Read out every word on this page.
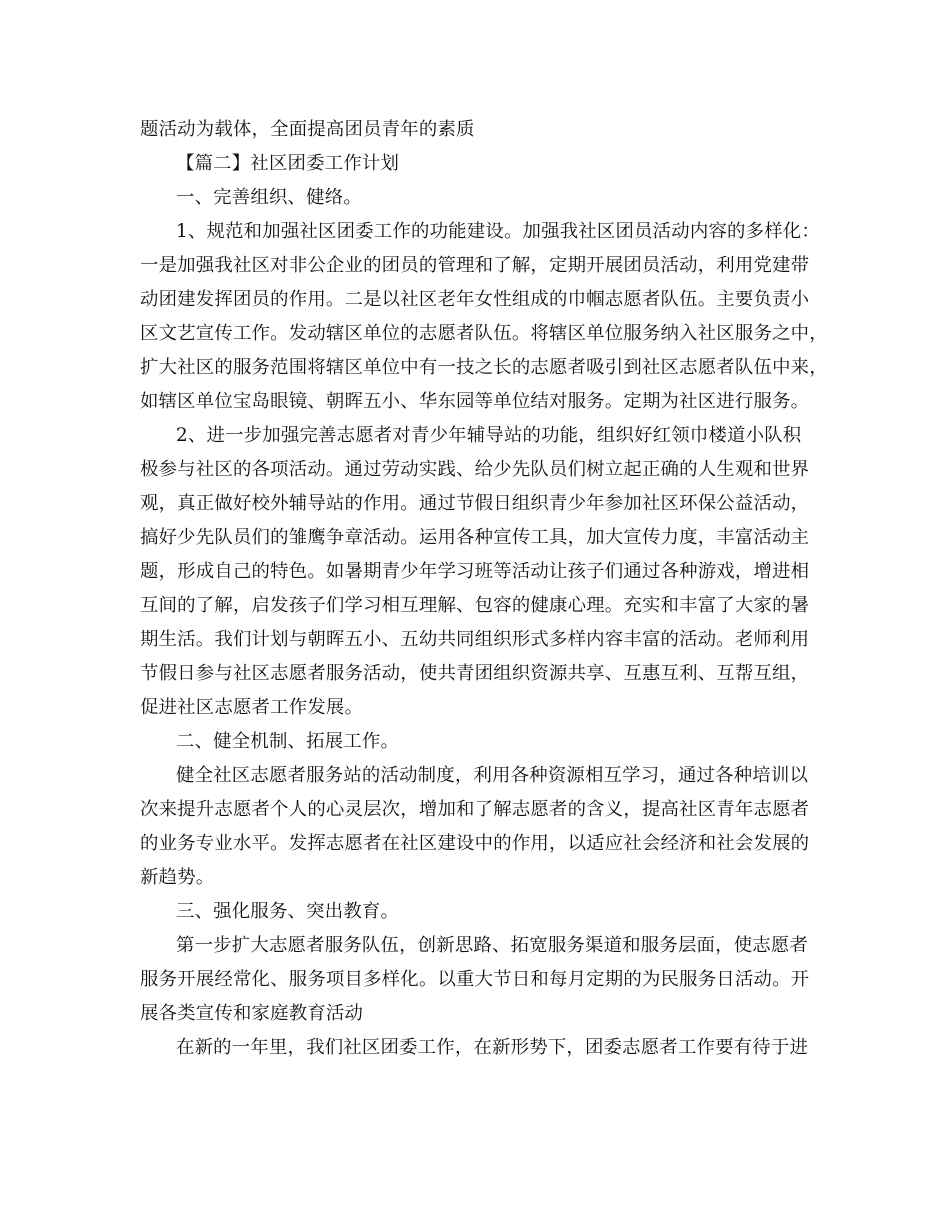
题活动为载体，全面提高团员青年的素质
【篇二】社区团委工作计划
一、完善组织、健络。
1、规范和加强社区团委工作的功能建设。加强我社区团员活动内容的多样化：
一是加强我社区对非公企业的团员的管理和了解，定期开展团员活动，利用党建带
动团建发挥团员的作用。二是以社区老年女性组成的巾帼志愿者队伍。主要负责小
区文艺宣传工作。发动辖区单位的志愿者队伍。将辖区单位服务纳入社区服务之中，
扩大社区的服务范围将辖区单位中有一技之长的志愿者吸引到社区志愿者队伍中来，
如辖区单位宝岛眼镜、朝晖五小、华东园等单位结对服务。定期为社区进行服务。
2、进一步加强完善志愿者对青少年辅导站的功能，组织好红领巾楼道小队积
极参与社区的各项活动。通过劳动实践、给少先队员们树立起正确的人生观和世界
观，真正做好校外辅导站的作用。通过节假日组织青少年参加社区环保公益活动，
搞好少先队员们的雏鹰争章活动。运用各种宣传工具，加大宣传力度，丰富活动主
题，形成自己的特色。如暑期青少年学习班等活动让孩子们通过各种游戏，增进相
互间的了解，启发孩子们学习相互理解、包容的健康心理。充实和丰富了大家的暑
期生活。我们计划与朝晖五小、五幼共同组织形式多样内容丰富的活动。老师利用
节假日参与社区志愿者服务活动，使共青团组织资源共享、互惠互利、互帮互组，
促进社区志愿者工作发展。
二、健全机制、拓展工作。
健全社区志愿者服务站的活动制度，利用各种资源相互学习，通过各种培训以
次来提升志愿者个人的心灵层次，增加和了解志愿者的含义，提高社区青年志愿者
的业务专业水平。发挥志愿者在社区建设中的作用，以适应社会经济和社会发展的
新趋势。
三、强化服务、突出教育。
第一步扩大志愿者服务队伍，创新思路、拓宽服务渠道和服务层面，使志愿者
服务开展经常化、服务项目多样化。以重大节日和每月定期的为民服务日活动。开
展各类宣传和家庭教育活动
在新的一年里，我们社区团委工作，在新形势下，团委志愿者工作要有待于进
